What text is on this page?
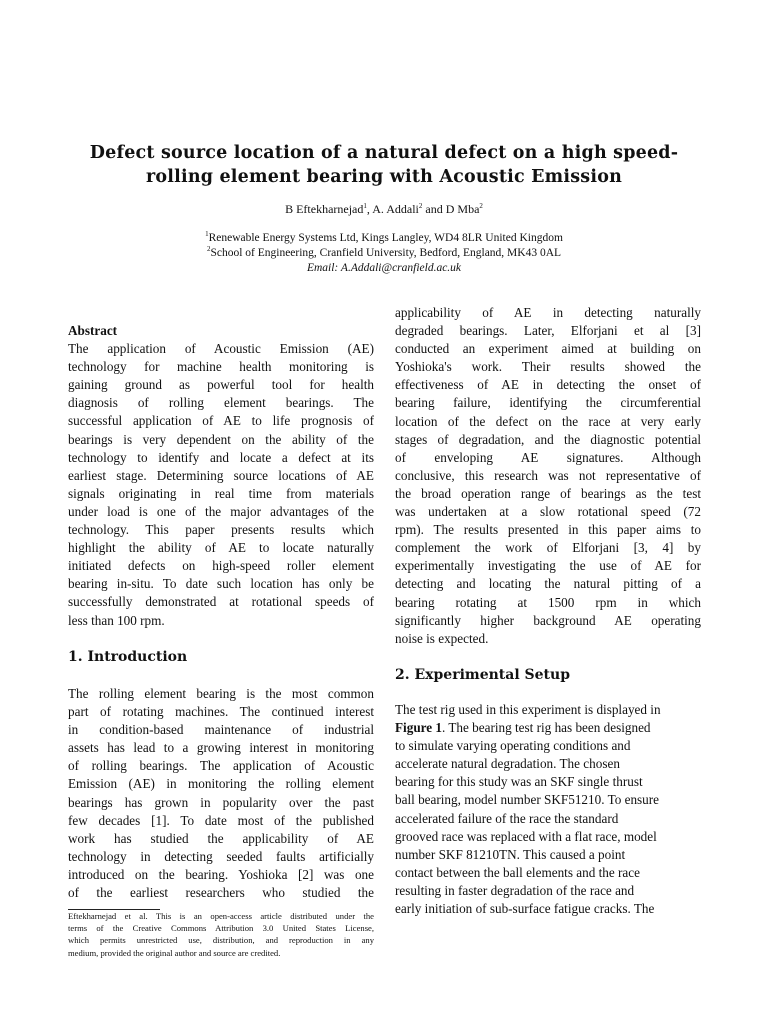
Defect source location of a natural defect on a high speed-
rolling element bearing with Acoustic Emission
B Eftekharnejad$^1$, A. Addali$^2$ and D Mba$^2$
$^1$Renewable Energy Systems Ltd, Kings Langley, WD4 8LR United Kingdom
$^2$School of Engineering, Cranfield University, Bedford, England, MK43 0AL
Email: A.Addali@cranfield.ac.uk

Abstract

The application of Acoustic Emission (AE)
technology for machine health monitoring is
gaining ground as powerful tool for health
diagnosis of rolling element bearings. The
successful application of AE to life prognosis of
bearings is very dependent on the ability of the
technology to identify and locate a defect at its
earliest stage. Determining source locations of AE
signals originating in real time from materials
under load is one of the major advantages of the
technology. This paper presents results which
highlight the ability of AE to locate naturally
initiated defects on high-speed roller element
bearing in-situ. To date such location has only be
successfully demonstrated at rotational speeds of
less than 100 rpm.

1. Introduction

The rolling element bearing is the most common
part of rotating machines. The continued interest
in condition-based maintenance of industrial
assets has lead to a growing interest in monitoring
of rolling bearings. The application of Acoustic
Emission (AE) in monitoring the rolling element
bearings has grown in popularity over the past
few decades [1]. To date most of the published
work has studied the applicability of AE
technology in detecting seeded faults artificially
introduced on the bearing. Yoshioka [2] was one
of the earliest researchers who studied the

Eftekharnejad et al. This is an open-access article distributed under the
terms of the Creative Commons Attribution 3.0 United States License,
which permits unrestricted use, distribution, and reproduction in any
medium, provided the original author and source are credited.

applicability of AE in detecting naturally
degraded bearings. Later, Elforjani et al [3]
conducted an experiment aimed at building on
Yoshioka's work. Their results showed the
effectiveness of AE in detecting the onset of
bearing failure, identifying the circumferential
location of the defect on the race at very early
stages of degradation, and the diagnostic potential
of enveloping AE signatures. Although
conclusive, this research was not representative of
the broad operation range of bearings as the test
was undertaken at a slow rotational speed (72
rpm). The results presented in this paper aims to
complement the work of Elforjani [3, 4] by
experimentally investigating the use of AE for
detecting and locating the natural pitting of a
bearing rotating at 1500 rpm in which
significantly higher background AE operating
noise is expected.

2. Experimental Setup

The test rig used in this experiment is displayed in
Figure 1. The bearing test rig has been designed
to simulate varying operating conditions and
accelerate natural degradation. The chosen
bearing for this study was an SKF single thrust
ball bearing, model number SKF51210. To ensure
accelerated failure of the race the standard
grooved race was replaced with a flat race, model
number SKF 81210TN. This caused a point
contact between the ball elements and the race
resulting in faster degradation of the race and
early initiation of sub-surface fatigue cracks. The
